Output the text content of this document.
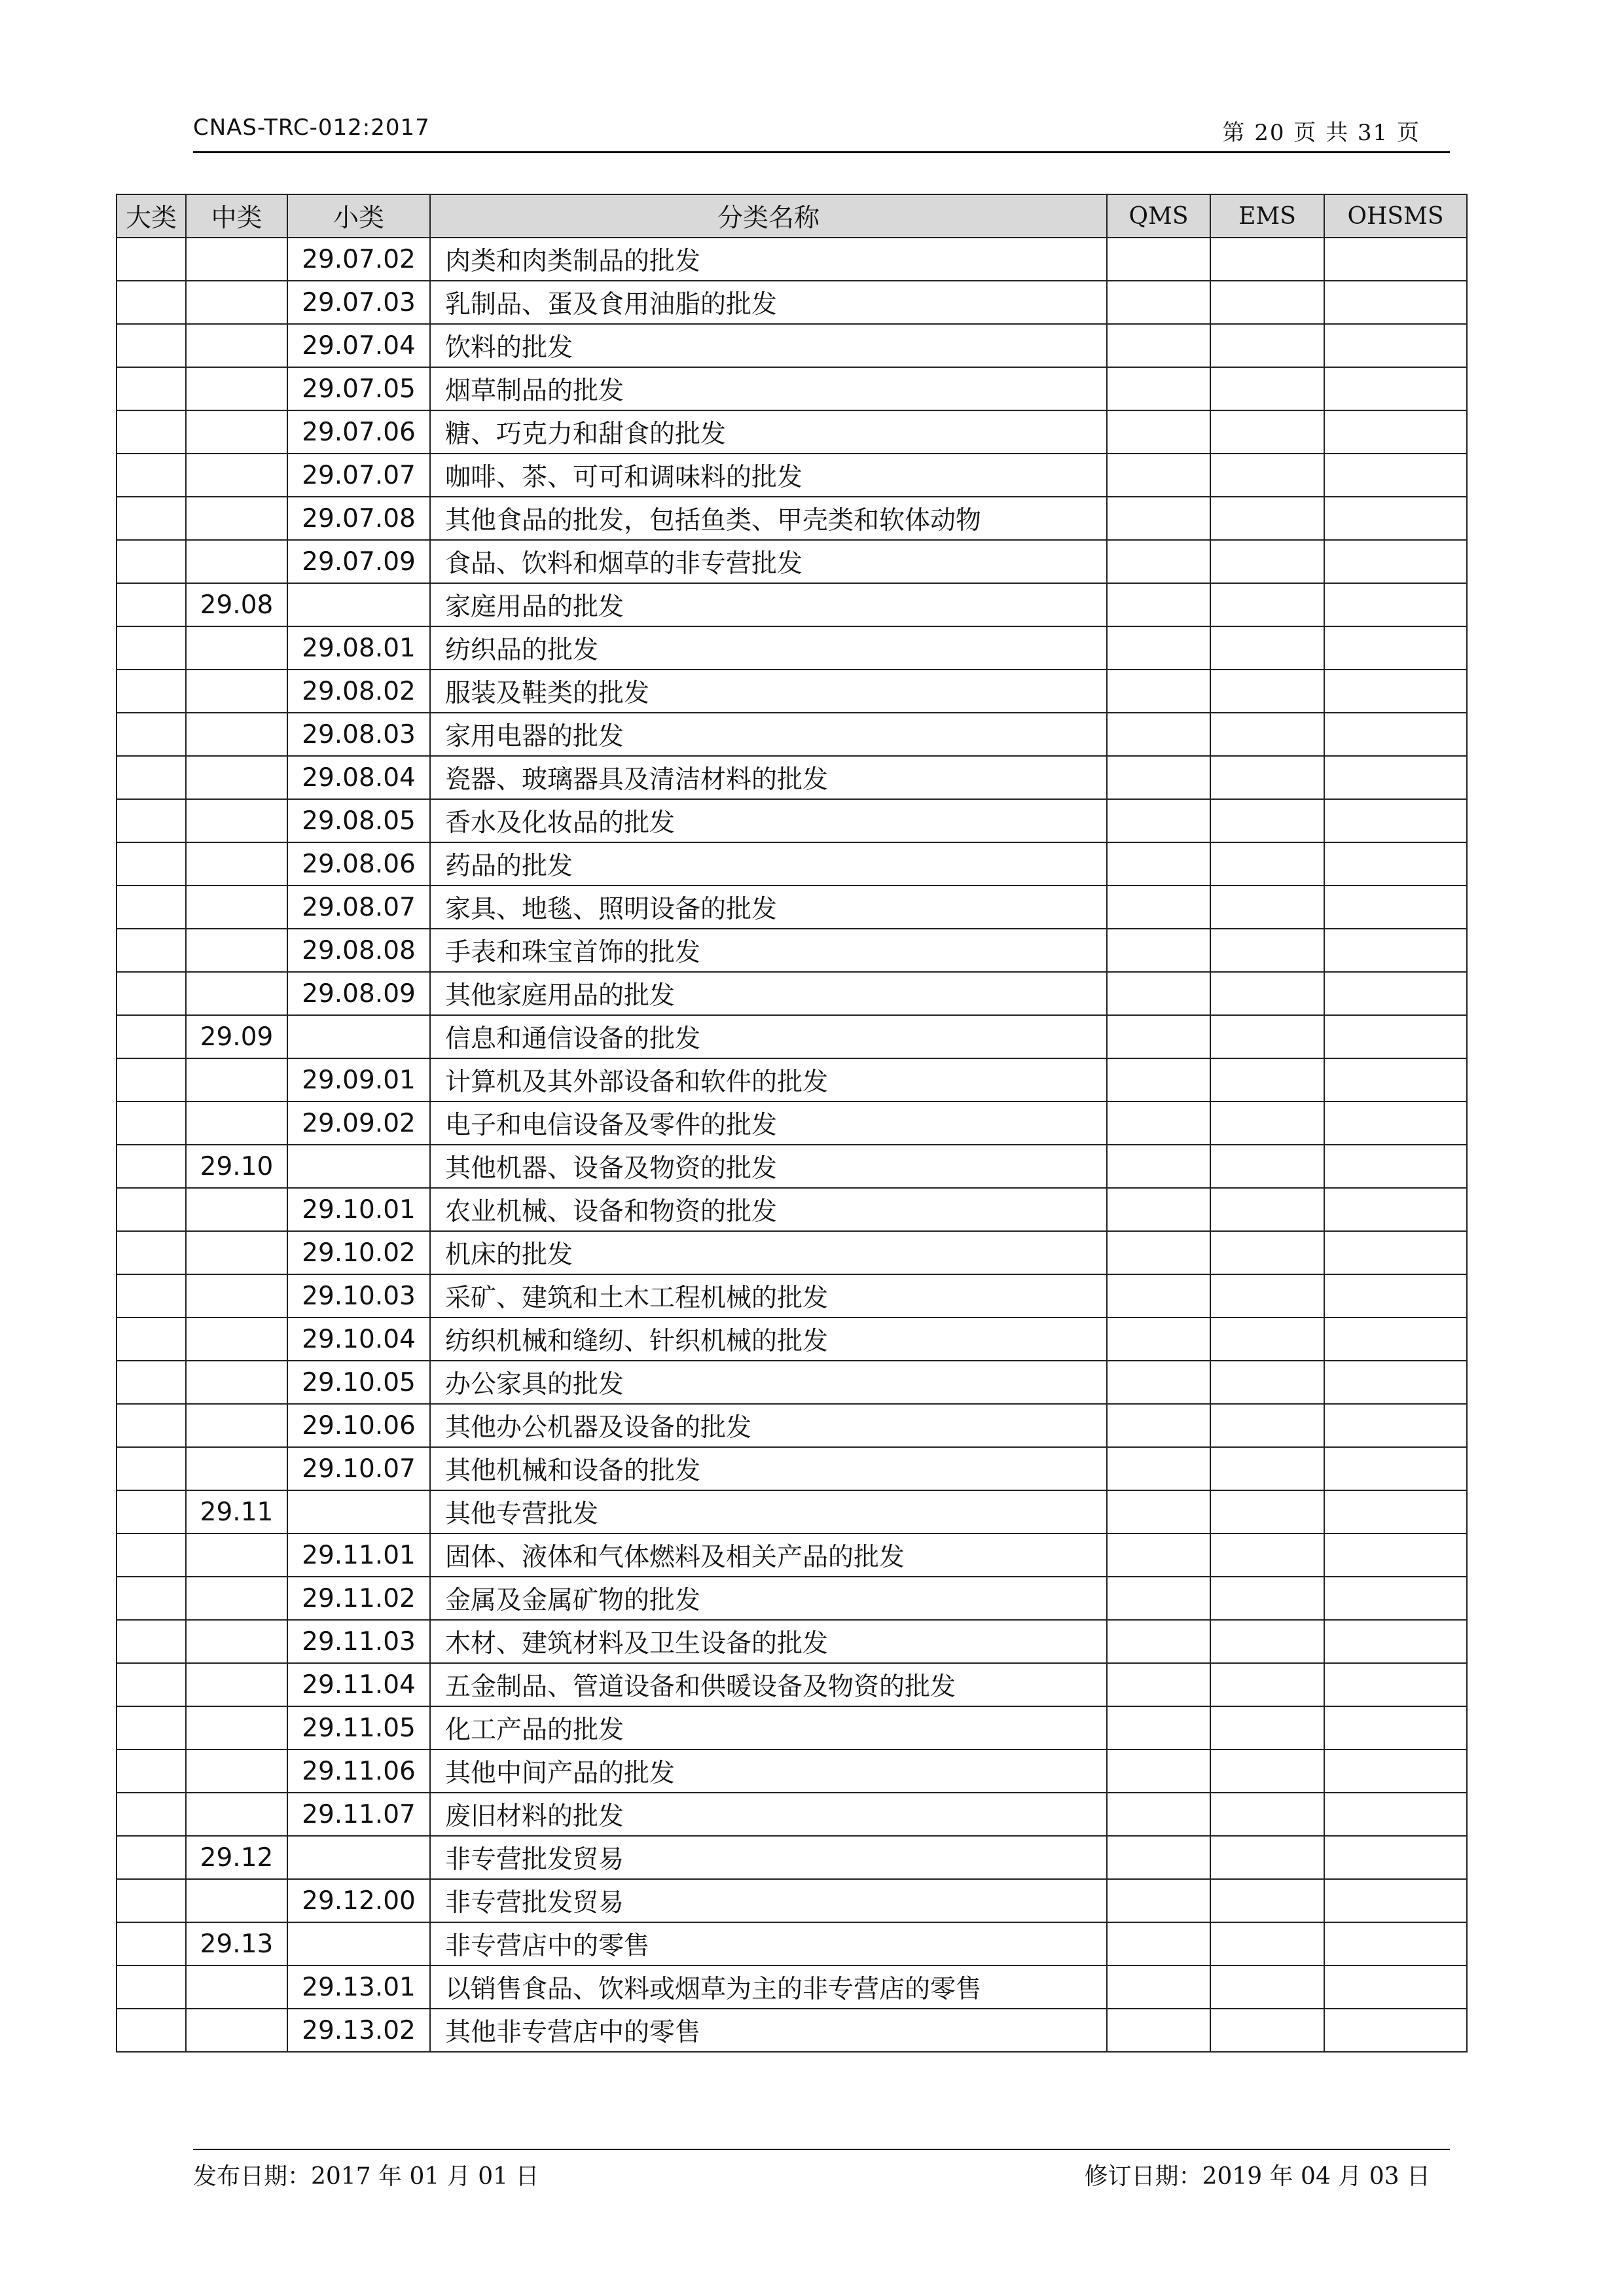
CNAS-TRC-012:2017	第 20 页 共 31 页
大类	中类	小类	分类名称	QMS	EMS	OHSMS
		29.07.02	肉类和肉类制品的批发			
		29.07.03	乳制品、蛋及食用油脂的批发			
		29.07.04	饮料的批发			
		29.07.05	烟草制品的批发			
		29.07.06	糖、巧克力和甜食的批发			
		29.07.07	咖啡、茶、可可和调味料的批发			
		29.07.08	其他食品的批发，包括鱼类、甲壳类和软体动物			
		29.07.09	食品、饮料和烟草的非专营批发			
	29.08		家庭用品的批发			
		29.08.01	纺织品的批发			
		29.08.02	服装及鞋类的批发			
		29.08.03	家用电器的批发			
		29.08.04	瓷器、玻璃器具及清洁材料的批发			
		29.08.05	香水及化妆品的批发			
		29.08.06	药品的批发			
		29.08.07	家具、地毯、照明设备的批发			
		29.08.08	手表和珠宝首饰的批发			
		29.08.09	其他家庭用品的批发			
	29.09		信息和通信设备的批发			
		29.09.01	计算机及其外部设备和软件的批发			
		29.09.02	电子和电信设备及零件的批发			
	29.10		其他机器、设备及物资的批发			
		29.10.01	农业机械、设备和物资的批发			
		29.10.02	机床的批发			
		29.10.03	采矿、建筑和土木工程机械的批发			
		29.10.04	纺织机械和缝纫、针织机械的批发			
		29.10.05	办公家具的批发			
		29.10.06	其他办公机器及设备的批发			
		29.10.07	其他机械和设备的批发			
	29.11		其他专营批发			
		29.11.01	固体、液体和气体燃料及相关产品的批发			
		29.11.02	金属及金属矿物的批发			
		29.11.03	木材、建筑材料及卫生设备的批发			
		29.11.04	五金制品、管道设备和供暖设备及物资的批发			
		29.11.05	化工产品的批发			
		29.11.06	其他中间产品的批发			
		29.11.07	废旧材料的批发			
	29.12		非专营批发贸易			
		29.12.00	非专营批发贸易			
	29.13		非专营店中的零售			
		29.13.01	以销售食品、饮料或烟草为主的非专营店的零售			
		29.13.02	其他非专营店中的零售			
发布日期：2017 年 01 月 01 日	修订日期：2019 年 04 月 03 日
